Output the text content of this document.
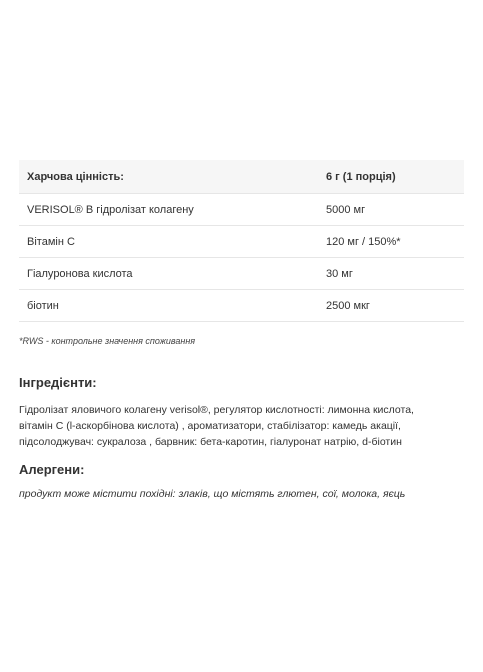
Харчова цінність:	6 г (1 порція)
VERISOL® В гідролізат колагену	5000 мг
Вітамін С	120 мг / 150%*
Гіалуронова кислота	30 мг
біотин	2500 мкг
*RWS - контрольне значення споживання
Інгредієнти:

Гідролізат яловичого колагену verisol®, регулятор кислотності: лимонна кислота,
вітамін С (l-аскорбінова кислота) , ароматизатори, стабілізатор: камедь акації,
підсолоджувач: сукралоза , барвник: бета-каротин, гіалуронат натрію, d-біотин

Алергени:

продукт може містити похідні: злаків, що містять глютен, сої, молока, яєць
